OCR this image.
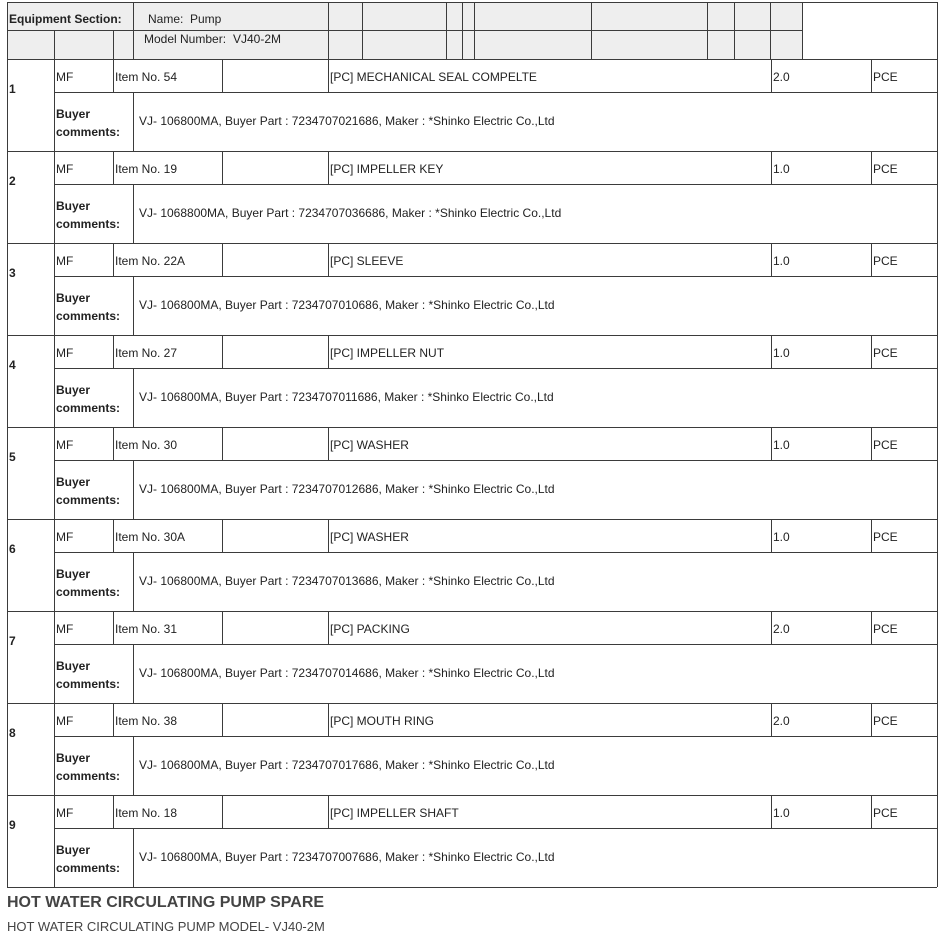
Equipment Section: Name: Pump
Model Number: VJ40-2M
1
MF	Item No. 54	[PC] MECHANICAL SEAL COMPELTE	2.0	PCE
Buyer
comments:
VJ- 106800MA, Buyer Part : 7234707021686, Maker : *Shinko Electric Co.,Ltd
2
MF	Item No. 19	[PC] IMPELLER KEY	1.0	PCE
Buyer
comments:
VJ- 1068800MA, Buyer Part : 7234707036686, Maker : *Shinko Electric Co.,Ltd
3
MF	Item No. 22A	[PC] SLEEVE	1.0	PCE
Buyer
comments:
VJ- 106800MA, Buyer Part : 7234707010686, Maker : *Shinko Electric Co.,Ltd
4
MF	Item No. 27	[PC] IMPELLER NUT	1.0	PCE
Buyer
comments:
VJ- 106800MA, Buyer Part : 7234707011686, Maker : *Shinko Electric Co.,Ltd
5
MF	Item No. 30	[PC] WASHER	1.0	PCE
Buyer
comments:
VJ- 106800MA, Buyer Part : 7234707012686, Maker : *Shinko Electric Co.,Ltd
6
MF	Item No. 30A	[PC] WASHER	1.0	PCE
Buyer
comments:
VJ- 106800MA, Buyer Part : 7234707013686, Maker : *Shinko Electric Co.,Ltd
7
MF	Item No. 31	[PC] PACKING	2.0	PCE
Buyer
comments:
VJ- 106800MA, Buyer Part : 7234707014686, Maker : *Shinko Electric Co.,Ltd
8
MF	Item No. 38	[PC] MOUTH RING	2.0	PCE
Buyer
comments:
VJ- 106800MA, Buyer Part : 7234707017686, Maker : *Shinko Electric Co.,Ltd
9
MF	Item No. 18	[PC] IMPELLER SHAFT	1.0	PCE
Buyer
comments:
VJ- 106800MA, Buyer Part : 7234707007686, Maker : *Shinko Electric Co.,Ltd
HOT WATER CIRCULATING PUMP SPARE
HOT WATER CIRCULATING PUMP MODEL- VJ40-2M
